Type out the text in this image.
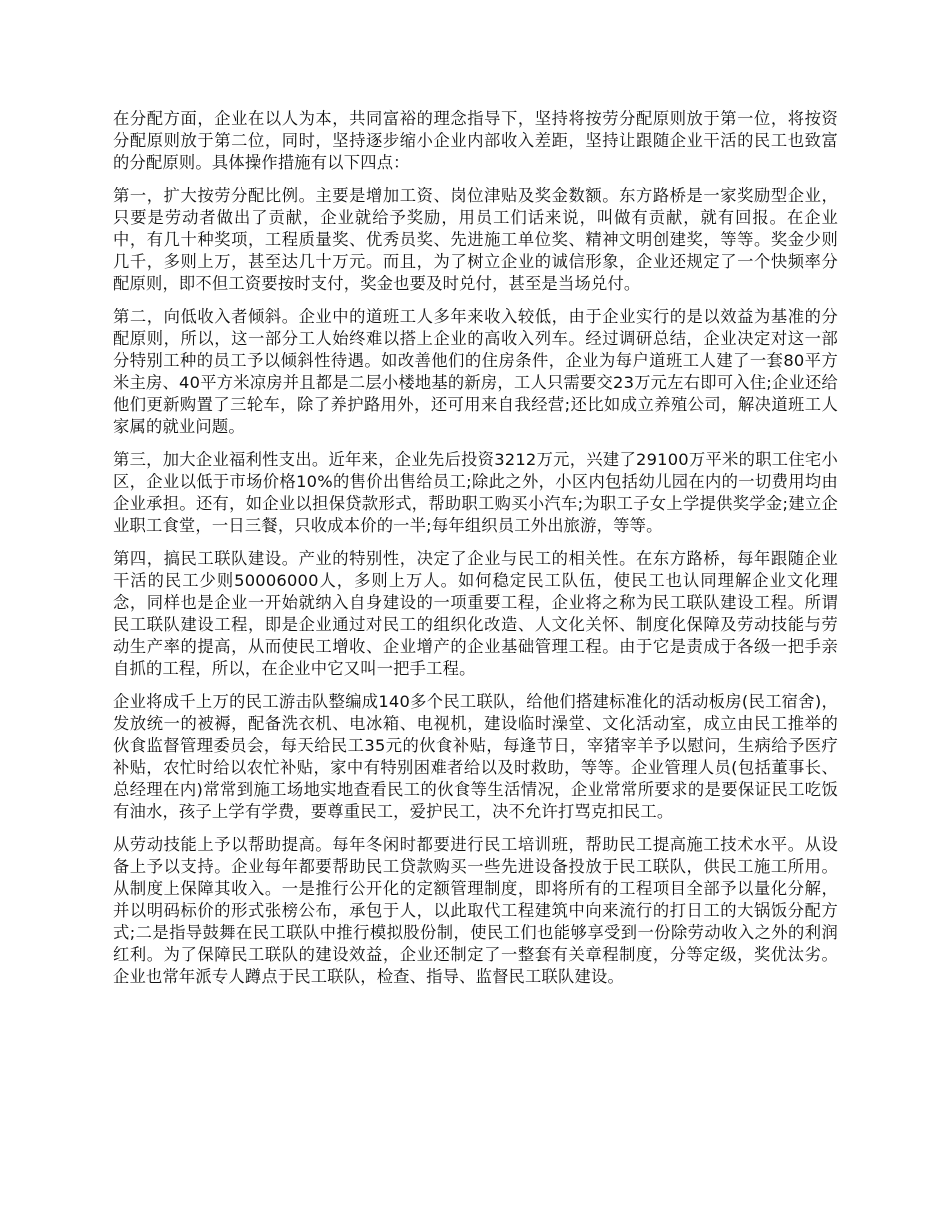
在分配方面，企业在以人为本，共同富裕的理念指导下，坚持将按劳分配原则放于第一位，将按资分配原则放于第二位，同时，坚持逐步缩小企业内部收入差距，坚持让跟随企业干活的民工也致富的分配原则。具体操作措施有以下四点：

第一，扩大按劳分配比例。主要是增加工资、岗位津贴及奖金数额。东方路桥是一家奖励型企业，只要是劳动者做出了贡献，企业就给予奖励，用员工们话来说，叫做有贡献，就有回报。在企业中，有几十种奖项，工程质量奖、优秀员奖、先进施工单位奖、精神文明创建奖，等等。奖金少则几千，多则上万，甚至达几十万元。而且，为了树立企业的诚信形象，企业还规定了一个快频率分配原则，即不但工资要按时支付，奖金也要及时兑付，甚至是当场兑付。

第二，向低收入者倾斜。企业中的道班工人多年来收入较低，由于企业实行的是以效益为基准的分配原则，所以，这一部分工人始终难以搭上企业的高收入列车。经过调研总结，企业决定对这一部分特别工种的员工予以倾斜性待遇。如改善他们的住房条件，企业为每户道班工人建了一套80平方米主房、40平方米凉房并且都是二层小楼地基的新房，工人只需要交23万元左右即可入住;企业还给他们更新购置了三轮车，除了养护路用外，还可用来自我经营;还比如成立养殖公司，解决道班工人家属的就业问题。

第三，加大企业福利性支出。近年来，企业先后投资3212万元，兴建了29100万平米的职工住宅小区，企业以低于市场价格10%的售价出售给员工;除此之外，小区内包括幼儿园在内的一切费用均由企业承担。还有，如企业以担保贷款形式，帮助职工购买小汽车;为职工子女上学提供奖学金;建立企业职工食堂，一日三餐，只收成本价的一半;每年组织员工外出旅游，等等。

第四，搞民工联队建设。产业的特别性，决定了企业与民工的相关性。在东方路桥，每年跟随企业干活的民工少则50006000人，多则上万人。如何稳定民工队伍，使民工也认同理解企业文化理念，同样也是企业一开始就纳入自身建设的一项重要工程，企业将之称为民工联队建设工程。所谓民工联队建设工程，即是企业通过对民工的组织化改造、人文化关怀、制度化保障及劳动技能与劳动生产率的提高，从而使民工增收、企业增产的企业基础管理工程。由于它是责成于各级一把手亲自抓的工程，所以，在企业中它又叫一把手工程。

企业将成千上万的民工游击队整编成140多个民工联队，给他们搭建标准化的活动板房(民工宿舍)，发放统一的被褥，配备洗衣机、电冰箱、电视机，建设临时澡堂、文化活动室，成立由民工推举的伙食监督管理委员会，每天给民工35元的伙食补贴，每逢节日，宰猪宰羊予以慰问，生病给予医疗补贴，农忙时给以农忙补贴，家中有特别困难者给以及时救助，等等。企业管理人员(包括董事长、总经理在内)常常到施工场地实地查看民工的伙食等生活情况，企业常常所要求的是要保证民工吃饭有油水，孩子上学有学费，要尊重民工，爱护民工，决不允许打骂克扣民工。

从劳动技能上予以帮助提高。每年冬闲时都要进行民工培训班，帮助民工提高施工技术水平。从设备上予以支持。企业每年都要帮助民工贷款购买一些先进设备投放于民工联队，供民工施工所用。从制度上保障其收入。一是推行公开化的定额管理制度，即将所有的工程项目全部予以量化分解，并以明码标价的形式张榜公布，承包于人，以此取代工程建筑中向来流行的打日工的大锅饭分配方式;二是指导鼓舞在民工联队中推行模拟股份制，使民工们也能够享受到一份除劳动收入之外的利润红利。为了保障民工联队的建设效益，企业还制定了一整套有关章程制度，分等定级，奖优汰劣。企业也常年派专人蹲点于民工联队，检查、指导、监督民工联队建设。
